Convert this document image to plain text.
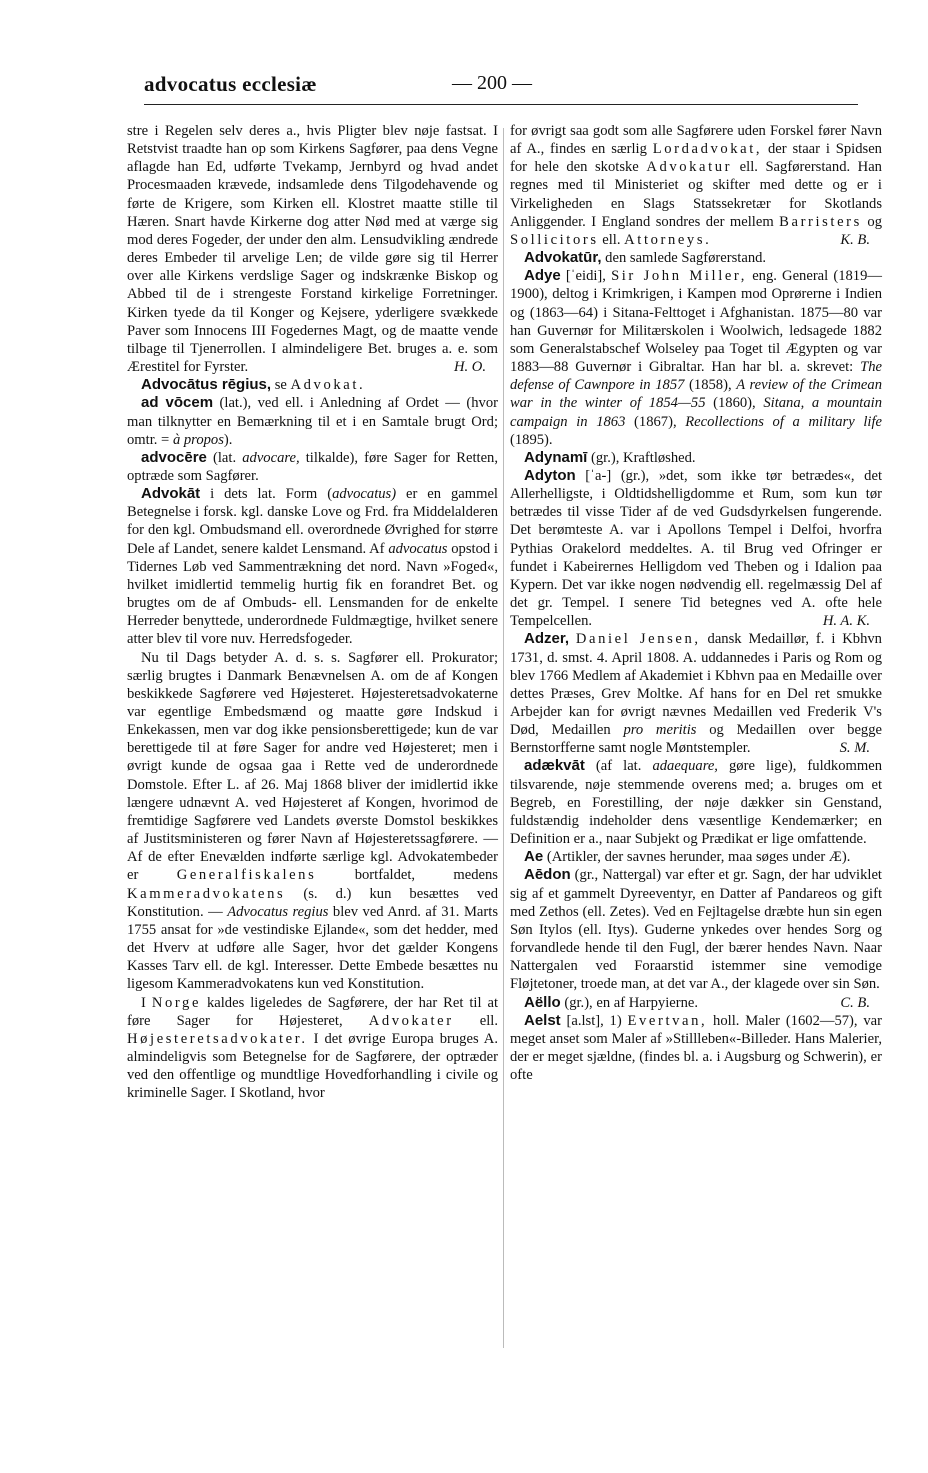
advocatus ecclesiæ	— 200 —

stre i Regelen selv deres a., hvis Pligter blev nøje fastsat. I Retstvist traadte han op som Kirkens Sagfører, paa dens Vegne aflagde han Ed, udførte Tvekamp, Jernbyrd og hvad andet Procesmaaden krævede, indsamlede dens Tilgodehavende og førte de Krigere, som Kirken ell. Klostret maatte stille til Hæren. Snart havde Kirkerne dog atter Nød med at værge sig mod deres Fogeder, der under den alm. Lensudvikling ændrede deres Embeder til arvelige Len; de vilde gøre sig til Herrer over alle Kirkens verdslige Sager og indskrænke Biskop og Abbed til de i strengeste Forstand kirkelige Forretninger. Kirken tyede da til Konger og Kejsere, yderligere svækkede Paver som Innocens III Fogedernes Magt, og de maatte vende tilbage til Tjenerrollen. I almindeligere Bet. bruges a. e. som Ærestitel for Fyrster.	H. O.

Advocātus rēgius, se Advokat.

ad vōcem (lat.), ved ell. i Anledning af Ordet — (hvor man tilknytter en Bemærkning til et i en Samtale brugt Ord; omtr. = à propos).

advocēre (lat. advocare, tilkalde), føre Sager for Retten, optræde som Sagfører.

Advokāt i dets lat. Form (advocatus) er en gammel Betegnelse i forsk. kgl. danske Love og Frd. fra Middelalderen for den kgl. Ombudsmand ell. overordnede Øvrighed for større Dele af Landet, senere kaldet Lensmand. Af advocatus opstod i Tidernes Løb ved Sammentrækning det nord. Navn »Foged«, hvilket imidlertid temmelig hurtig fik en forandret Bet. og brugtes om de af Ombuds- ell. Lensmanden for de enkelte Herreder benyttede, underordnede Fuldmægtige, hvilket senere atter blev til vore nuv. Herredsfogeder.

Nu til Dags betyder A. d. s. s. Sagfører ell. Prokurator; særlig brugtes i Danmark Benævnelsen A. om de af Kongen beskikkede Sagførere ved Højesteret. Højesteretsadvokaterne var egentlige Embedsmænd og maatte gøre Indskud i Enkekassen, men var dog ikke pensionsberettigede; kun de var berettigede til at føre Sager for andre ved Højesteret; men i øvrigt kunde de ogsaa gaa i Rette ved de underordnede Domstole. Efter L. af 26. Maj 1868 bliver der imidlertid ikke længere udnævnt A. ved Højesteret af Kongen, hvorimod de fremtidige Sagførere ved Landets øverste Domstol beskikkes af Justitsministeren og fører Navn af Højesteretssagførere. — Af de efter Enevælden indførte særlige kgl. Advokatembeder er Generalfiskalens bortfaldet, medens Kammeradvokatens (s. d.) kun besættes ved Konstitution. — Advocatus regius blev ved Anrd. af 31. Marts 1755 ansat for »de vestindiske Ejlande«, som det hedder, med det Hverv at udføre alle Sager, hvor det gælder Kongens Kasses Tarv ell. de kgl. Interesser. Dette Embede besættes nu ligesom Kammeradvokatens kun ved Konstitution.

I Norge kaldes ligeledes de Sagførere, der har Ret til at føre Sager for Højesteret, Advokater ell. Højesteretsadvokater. I det øvrige Europa bruges A. almindeligvis som Betegnelse for de Sagførere, der optræder ved den offentlige og mundtlige Hovedforhandling i civile og kriminelle Sager. I Skotland, hvor

for øvrigt saa godt som alle Sagførere uden Forskel fører Navn af A., findes en særlig Lordadvokat, der staar i Spidsen for hele den skotske Advokatur ell. Sagførerstand. Han regnes med til Ministeriet og skifter med dette og er i Virkeligheden en Slags Statssekretær for Skotlands Anliggender. I England sondres der mellem Barristers og Sollicitors ell. Attorneys.	K. B.

Advokatūr, den samlede Sagførerstand.

Adye [ˈeidi], Sir John Miller, eng. General (1819—1900), deltog i Krimkrigen, i Kampen mod Oprørerne i Indien og (1863—64) i Sitana-Felttoget i Afghanistan. 1875—80 var han Guvernør for Militærskolen i Woolwich, ledsagede 1882 som Generalstabschef Wolseley paa Toget til Ægypten og var 1883—88 Guvernør i Gibraltar. Han har bl. a. skrevet: The defense of Cawnpore in 1857 (1858), A review of the Crimean war in the winter of 1854—55 (1860), Sitana, a mountain campaign in 1863 (1867), Recollections of a military life (1895).

Adynamī (gr.), Kraftløshed.

Adyton [ˈa-] (gr.), »det, som ikke tør betrædes«, det Allerhelligste, i Oldtidshelligdomme et Rum, som kun tør betrædes til visse Tider af de ved Gudsdyrkelsen fungerende. Det berømteste A. var i Apollons Tempel i Delfoi, hvorfra Pythias Orakelord meddeltes. A. til Brug ved Ofringer er fundet i Kabeirernes Helligdom ved Theben og i Idalion paa Kypern. Det var ikke nogen nødvendig ell. regelmæssig Del af det gr. Tempel. I senere Tid betegnes ved A. ofte hele Tempelcellen.	H. A. K.

Adzer, Daniel Jensen, dansk Medaillør, f. i Kbhvn 1731, d. smst. 4. April 1808. A. uddannedes i Paris og Rom og blev 1766 Medlem af Akademiet i Kbhvn paa en Medaille over dettes Præses, Grev Moltke. Af hans for en Del ret smukke Arbejder kan for øvrigt nævnes Medaillen ved Frederik V's Død, Medaillen pro meritis og Medaillen over begge Bernstorfferne samt nogle Møntstempler.	S. M.

adækvāt (af lat. adaequare, gøre lige), fuldkommen tilsvarende, nøje stemmende overens med; a. bruges om et Begreb, en Forestilling, der nøje dækker sin Genstand, fuldstændig indeholder dens væsentlige Kendemærker; en Definition er a., naar Subjekt og Prædikat er lige omfattende.

Ae (Artikler, der savnes herunder, maa søges under Æ).

Aēdon (gr., Nattergal) var efter et gr. Sagn, der har udviklet sig af et gammelt Dyreeventyr, en Datter af Pandareos og gift med Zethos (ell. Zetes). Ved en Fejltagelse dræbte hun sin egen Søn Itylos (ell. Itys). Guderne ynkedes over hendes Sorg og forvandlede hende til den Fugl, der bærer hendes Navn. Naar Nattergalen ved Foraarstid istemmer sine vemodige Fløjtetoner, troede man, at det var A., der klagede over sin Søn.
C. B.

Aëllo (gr.), en af Harpyierne.

Aelst [a.lst], 1) Evertvan, holl. Maler (1602—57), var meget anset som Maler af »Stillleben«-Billeder. Hans Malerier, der er meget sjældne, (findes bl. a. i Augsburg og Schwerin), er ofte
